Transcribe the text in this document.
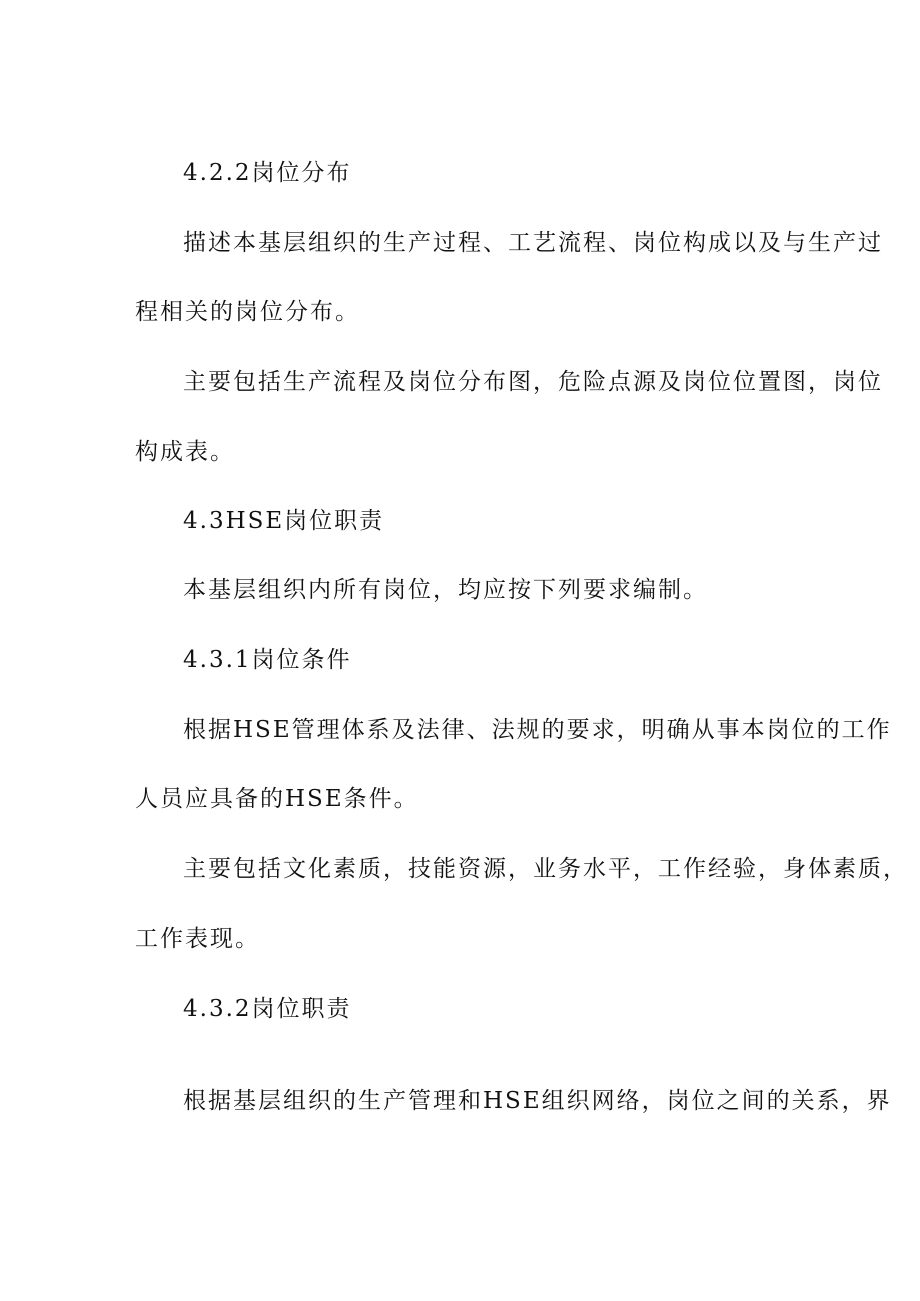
4.2.2岗位分布
描述本基层组织的生产过程、工艺流程、岗位构成以及与生产过
程相关的岗位分布。
主要包括生产流程及岗位分布图，危险点源及岗位位置图，岗位
构成表。
4.3HSE岗位职责
本基层组织内所有岗位，均应按下列要求编制。
4.3.1岗位条件
根据HSE管理体系及法律、法规的要求，明确从事本岗位的工作
人员应具备的HSE条件。
主要包括文化素质，技能资源，业务水平，工作经验，身体素质，
工作表现。
4.3.2岗位职责
根据基层组织的生产管理和HSE组织网络，岗位之间的关系，界
